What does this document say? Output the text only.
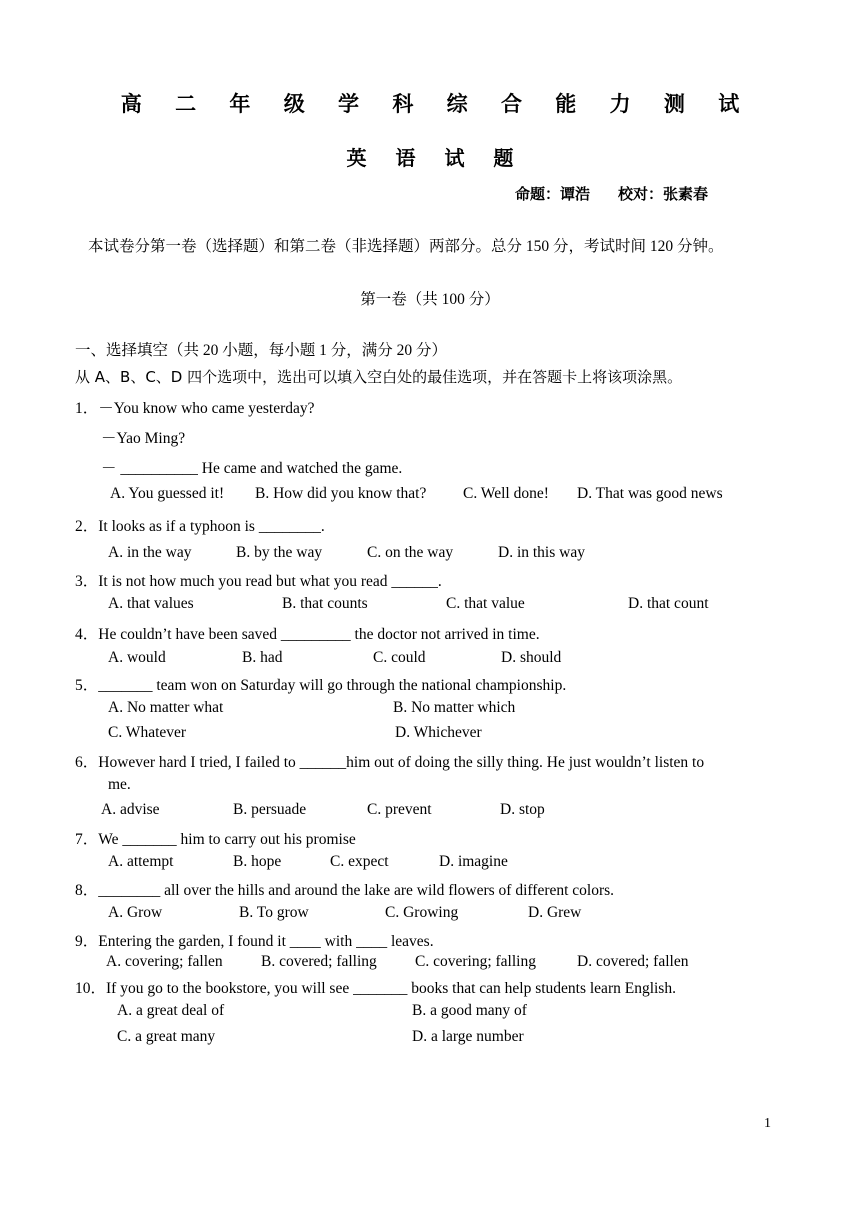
高 二 年 级 学 科 综 合 能 力 测 试
英 语 试 题
命题：谭浩 校对：张素春
本试卷分第一卷（选择题）和第二卷（非选择题）两部分。总分 150 分，考试时间 120 分钟。
第一卷（共 100 分）
一、选择填空（共 20 小题，每小题 1 分，满分 20 分）
从 A、B、C、D 四个选项中，选出可以填入空白处的最佳选项，并在答题卡上将该项涂黑。
1．－You know who came yesterday?
－Yao Ming?
－ __________ He came and watched the game.
A. You guessed it! B. How did you know that? C. Well done! D. That was good news
2．It looks as if a typhoon is ________.
A. in the way	B. by the way	C. on the way	D. in this way
3．It is not how much you read but what you read ______.
A. that values	B. that counts	C. that value	D. that count
4．He couldn’t have been saved _________ the doctor not arrived in time.
A. would	B. had	C. could	D. should
5．_______ team won on Saturday will go through the national championship.
A. No matter what	B. No matter which
C. Whatever	D. Whichever
6．However hard I tried, I failed to ______him out of doing the silly thing. He just wouldn’t listen to
me.
A. advise	B. persuade	C. prevent	D. stop
7．We _______ him to carry out his promise
A. attempt	B. hope	C. expect	D. imagine
8．________ all over the hills and around the lake are wild flowers of different colors.
A. Grow	B. To grow	C. Growing	D. Grew
9．Entering the garden, I found it ____ with ____ leaves.
A. covering; fallen B. covered; falling C. covering; falling	D. covered; fallen
10．If you go to the bookstore, you will see _______ books that can help students learn English.
A. a great deal of	B. a good many of
C. a great many	D. a large number
1
